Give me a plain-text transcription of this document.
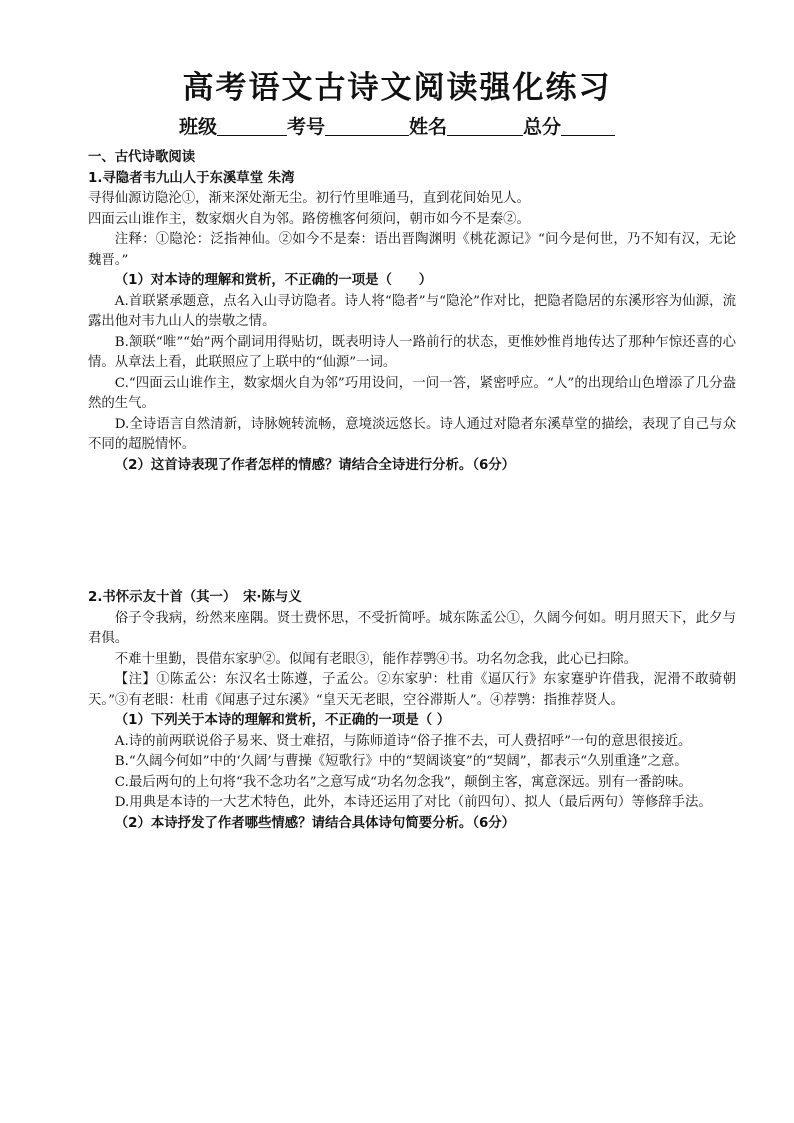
高考语文古诗文阅读强化练习
班级	考号	姓名	总分

一、古代诗歌阅读

1.寻隐者韦九山人于东溪草堂 朱湾

寻得仙源访隐沦①，渐来深处渐无尘。初行竹里唯通马，直到花间始见人。

四面云山谁作主，数家烟火自为邻。路傍樵客何须问，朝市如今不是秦②。

注释：①隐沦：泛指神仙。②如今不是秦：语出晋陶渊明《桃花源记》“问今是何世，乃不知有汉，无论魏晋。”

（1）对本诗的理解和赏析，不正确的一项是（　　）

A.首联紧承题意，点名入山寻访隐者。诗人将“隐者”与“隐沦”作对比，把隐者隐居的东溪形容为仙源，流露出他对韦九山人的崇敬之情。

B.颔联“唯”“始”两个副词用得贴切，既表明诗人一路前行的状态，更惟妙惟肖地传达了那种乍惊还喜的心情。从章法上看，此联照应了上联中的“仙源”一词。

C.“四面云山谁作主，数家烟火自为邻”巧用设问，一问一答，紧密呼应。“人”的出现给山色增添了几分盎然的生气。

D.全诗语言自然清新，诗脉婉转流畅，意境淡远悠长。诗人通过对隐者东溪草堂的描绘，表现了自己与众不同的超脱情怀。

（2）这首诗表现了作者怎样的情感？请结合全诗进行分析。（6分）

2.书怀示友十首（其一）　宋·陈与义

俗子令我病，纷然来座隅。贤士费怀思，不受折简呼。城东陈孟公①，久阔今何如。明月照天下，此夕与君俱。

不难十里勤，畏借东家驴②。似闻有老眼③，能作荐鹗④书。功名勿念我，此心已扫除。

【注】①陈孟公：东汉名士陈遵，子孟公。②东家驴：杜甫《逼仄行》东家蹇驴许借我，泥滑不敢骑朝天。”③有老眼：杜甫《闻惠子过东溪》“皇天无老眼，空谷滞斯人”。④荐鹗：指推荐贤人。

（1）下列关于本诗的理解和赏析，不正确的一项是（ ）

A.诗的前两联说俗子易来、贤士难招，与陈师道诗“俗子推不去，可人费招呼”一句的意思很接近。

B.“久阔今何如”中的‘久阔’与曹操《短歌行》中的“契阔谈宴”的“契阔”，都表示“久别重逢”之意。

C.最后两句的上句将“我不念功名”之意写成“功名勿念我”，颠倒主客，寓意深远。别有一番韵味。

D.用典是本诗的一大艺术特色，此外，本诗还运用了对比（前四句）、拟人（最后两句）等修辞手法。

（2）本诗抒发了作者哪些情感？请结合具体诗句简要分析。（6分）
